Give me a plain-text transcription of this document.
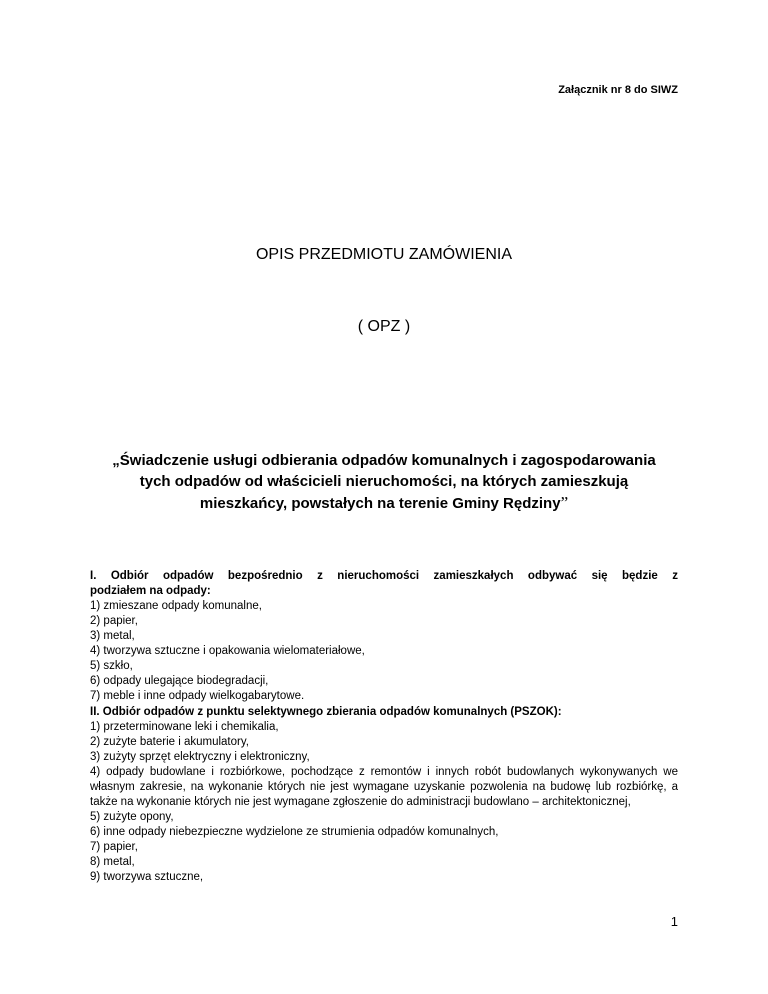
Załącznik nr 8 do SIWZ
OPIS PRZEDMIOTU ZAMÓWIENIA
( OPZ )
„Świadczenie usługi odbierania odpadów komunalnych i zagospodarowania
tych odpadów od właścicieli nieruchomości, na których zamieszkują
mieszkańcy, powstałych na terenie Gminy Rędziny”
I. Odbiór odpadów bezpośrednio z nieruchomości zamieszkałych odbywać się będzie z
podziałem na odpady:
1) zmieszane odpady komunalne,
2) papier,
3) metal,
4) tworzywa sztuczne i opakowania wielomateriałowe,
5) szkło,
6) odpady ulegające biodegradacji,
7) meble i inne odpady wielkogabarytowe.
II. Odbiór odpadów z punktu selektywnego zbierania odpadów komunalnych (PSZOK):
1) przeterminowane leki i chemikalia,
2) zużyte baterie i akumulatory,
3) zużyty sprzęt elektryczny i elektroniczny,
4) odpady budowlane i rozbiórkowe, pochodzące z remontów i innych robót budowlanych wykonywanych we własnym zakresie, na wykonanie których nie jest wymagane uzyskanie pozwolenia na budowę lub rozbiórkę, a także na wykonanie których nie jest wymagane zgłoszenie do administracji budowlano – architektonicznej,
5) zużyte opony,
6) inne odpady niebezpieczne wydzielone ze strumienia odpadów komunalnych,
7) papier,
8) metal,
9) tworzywa sztuczne,
1
